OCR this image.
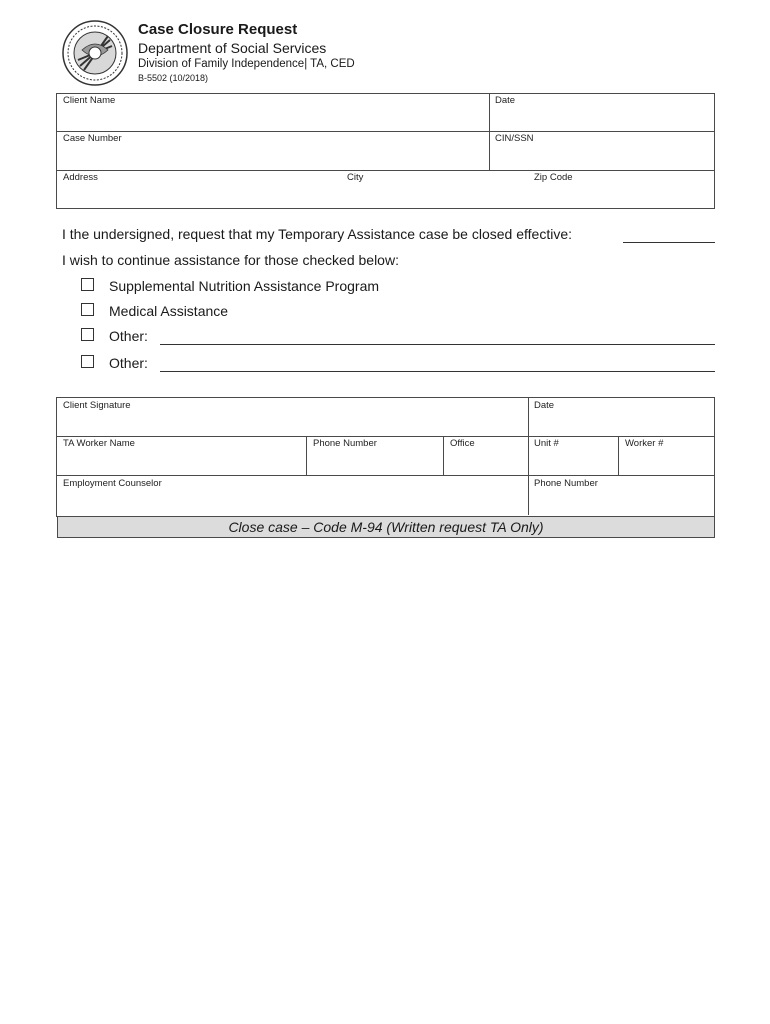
Case Closure Request
Department of Social Services
Division of Family Independence| TA, CED
B-5502 (10/2018)
Client Name	Date
Case Number	CIN/SSN
Address	City	Zip Code
I the undersigned, request that my Temporary Assistance case be closed effective:
I wish to continue assistance for those checked below:
Supplemental Nutrition Assistance Program
Medical Assistance
Other:
Other:
Client Signature	Date
TA Worker Name	Phone Number	Office	Unit #	Worker #
Employment Counselor	Phone Number
Close case – Code M-94 (Written request TA Only)
